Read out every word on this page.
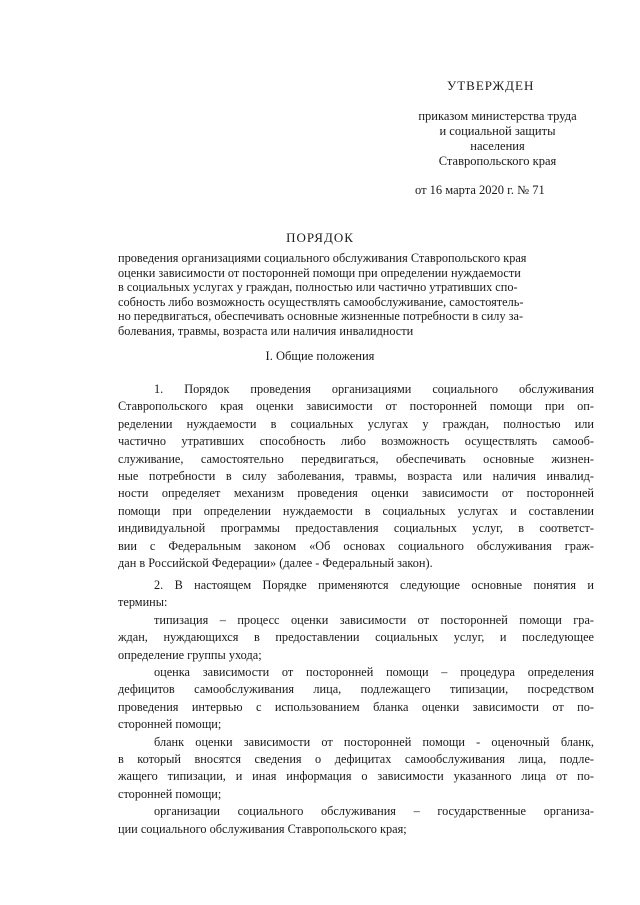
УТВЕРЖДЕН
приказом министерства труда
и социальной защиты
населения
Ставропольского края
от 16 марта 2020 г. № 71
ПОРЯДОК
проведения организациями социального обслуживания Ставропольского края
оценки зависимости от посторонней помощи при определении нуждаемости
в социальных услугах у граждан, полностью или частично утративших спо-
собность либо возможность осуществлять самообслуживание, самостоятель-
но передвигаться, обеспечивать основные жизненные потребности в силу за-
болевания, травмы, возраста или наличия инвалидности
I. Общие положения
1. Порядок проведения организациями социального обслуживания
Ставропольского края оценки зависимости от посторонней помощи при оп-
ределении нуждаемости в социальных услугах у граждан, полностью или
частично утративших способность либо возможность осуществлять самооб-
служивание, самостоятельно передвигаться, обеспечивать основные жизнен-
ные потребности в силу заболевания, травмы, возраста или наличия инвалид-
ности определяет механизм проведения оценки зависимости от посторонней
помощи при определении нуждаемости в социальных услугах и составлении
индивидуальной программы предоставления социальных услуг, в соответст-
вии с Федеральным законом «Об основах социального обслуживания граж-
дан в Российской Федерации» (далее - Федеральный закон).
2. В настоящем Порядке применяются следующие основные понятия и
термины:
типизация – процесс оценки зависимости от посторонней помощи гра-
ждан, нуждающихся в предоставлении социальных услуг, и последующее
определение группы ухода;
оценка зависимости от посторонней помощи – процедура определения
дефицитов самообслуживания лица, подлежащего типизации, посредством
проведения интервью с использованием бланка оценки зависимости от по-
сторонней помощи;
бланк оценки зависимости от посторонней помощи - оценочный бланк,
в который вносятся сведения о дефицитах самообслуживания лица, подле-
жащего типизации, и иная информация о зависимости указанного лица от по-
сторонней помощи;
организации социального обслуживания – государственные организа-
ции социального обслуживания Ставропольского края;
